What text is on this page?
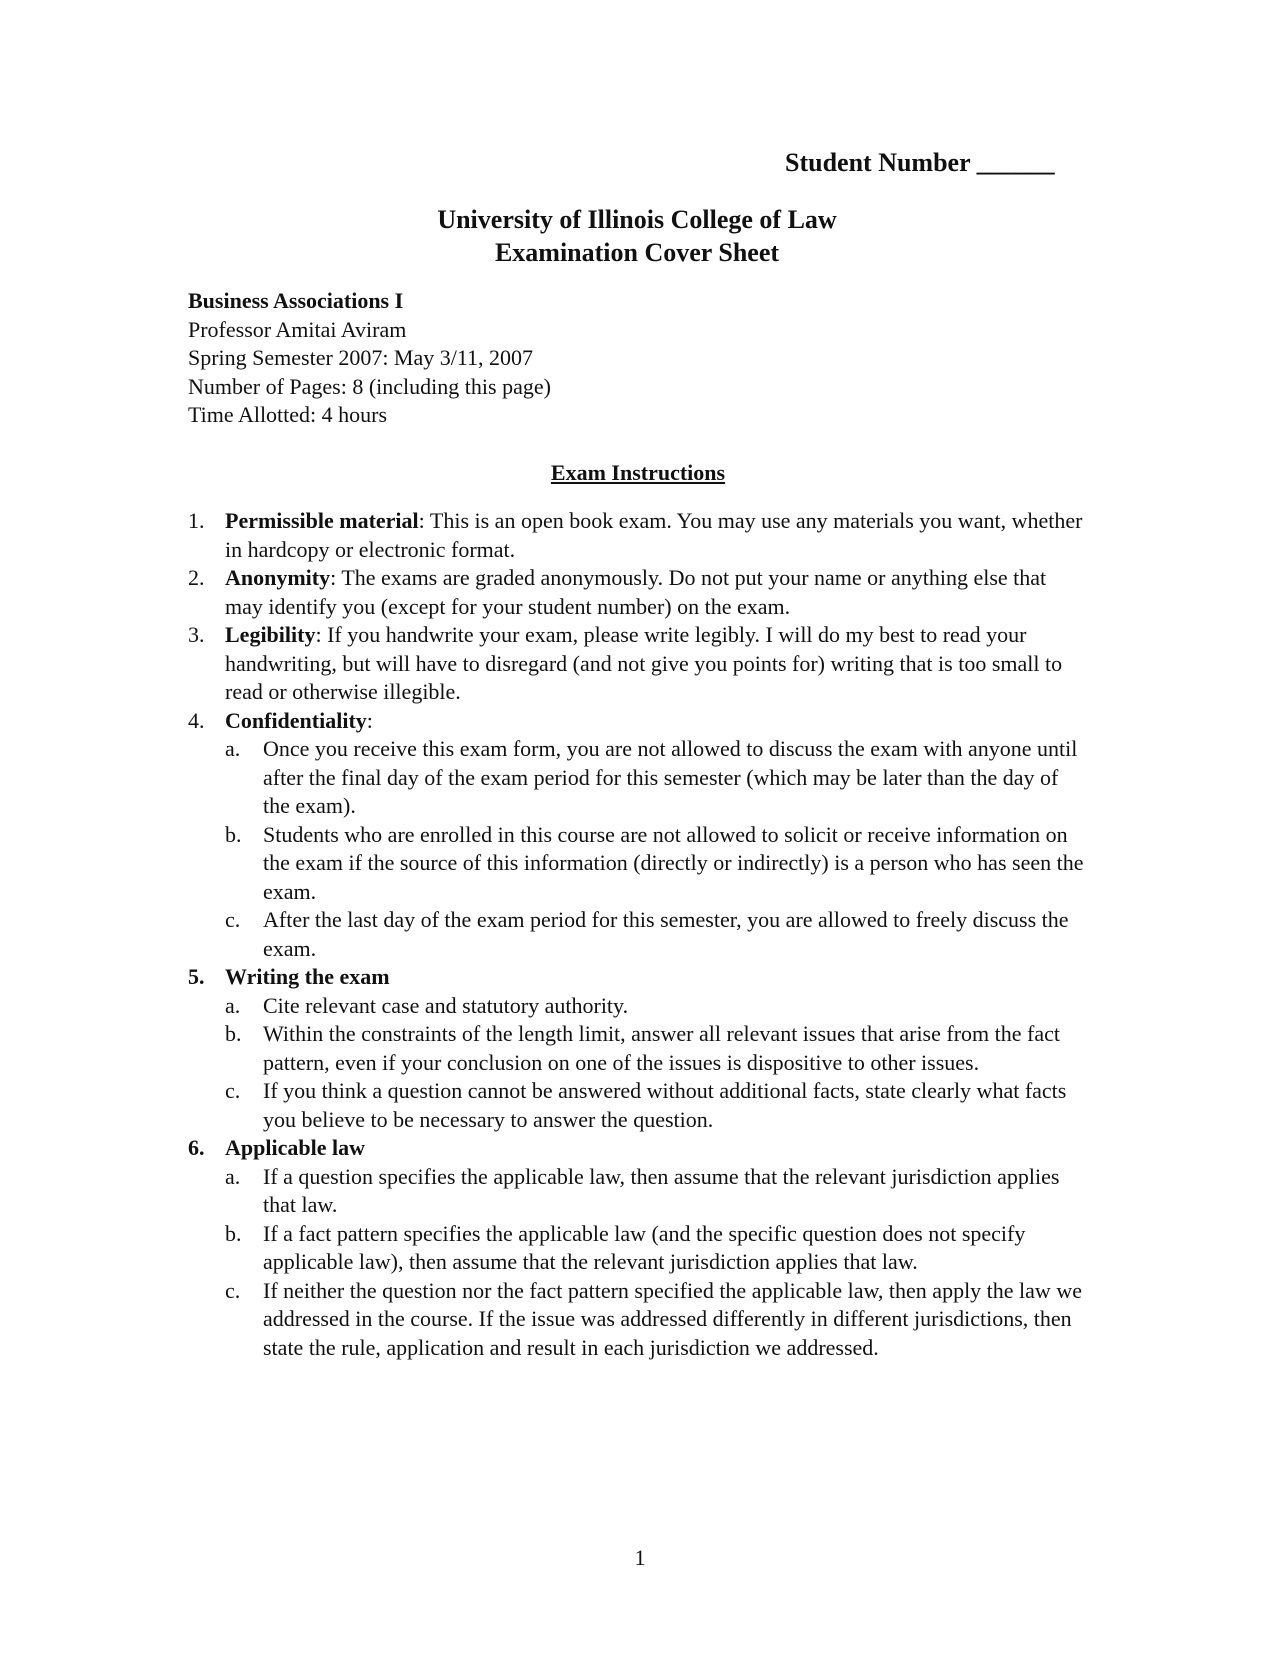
Student Number ______
University of Illinois College of Law
Examination Cover Sheet
Business Associations I
Professor Amitai Aviram
Spring Semester 2007: May 3/11, 2007
Number of Pages: 8 (including this page)
Time Allotted: 4 hours
Exam Instructions
1. Permissible material: This is an open book exam. You may use any materials you want, whether in hardcopy or electronic format.
2. Anonymity: The exams are graded anonymously. Do not put your name or anything else that may identify you (except for your student number) on the exam.
3. Legibility: If you handwrite your exam, please write legibly. I will do my best to read your handwriting, but will have to disregard (and not give you points for) writing that is too small to read or otherwise illegible.
4. Confidentiality:
a.	Once you receive this exam form, you are not allowed to discuss the exam with anyone until after the final day of the exam period for this semester (which may be later than the day of the exam).
b. Students who are enrolled in this course are not allowed to solicit or receive information on the exam if the source of this information (directly or indirectly) is a person who has seen the exam.
c.	After the last day of the exam period for this semester, you are allowed to freely discuss the exam.
5. Writing the exam
a.	Cite relevant case and statutory authority.
b. Within the constraints of the length limit, answer all relevant issues that arise from the fact pattern, even if your conclusion on one of the issues is dispositive to other issues.
c.	If you think a question cannot be answered without additional facts, state clearly what facts you believe to be necessary to answer the question.
6. Applicable law
a.	If a question specifies the applicable law, then assume that the relevant jurisdiction applies that law.
b. If a fact pattern specifies the applicable law (and the specific question does not specify applicable law), then assume that the relevant jurisdiction applies that law.
c.	If neither the question nor the fact pattern specified the applicable law, then apply the law we addressed in the course. If the issue was addressed differently in different jurisdictions, then state the rule, application and result in each jurisdiction we addressed.
1
